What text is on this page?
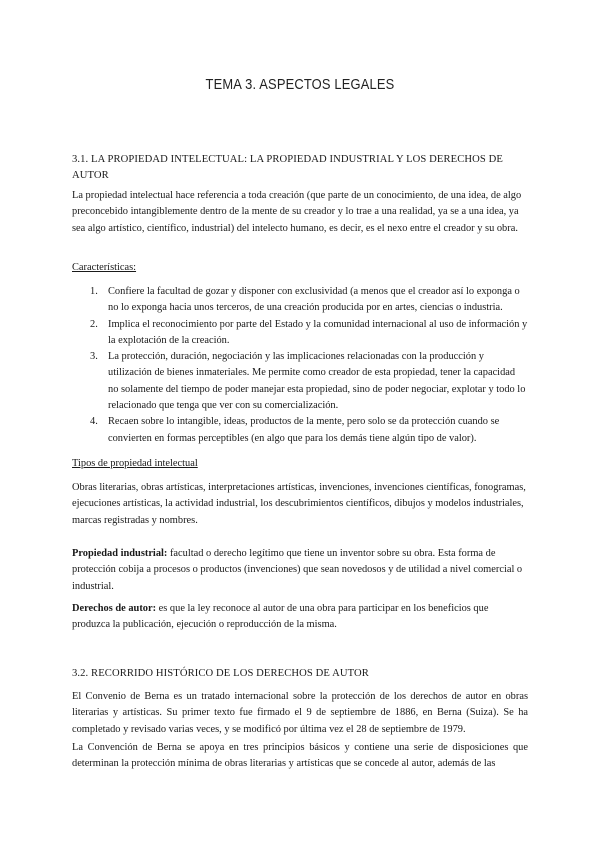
TEMA 3. ASPECTOS LEGALES
3.1. LA PROPIEDAD INTELECTUAL: LA PROPIEDAD INDUSTRIAL Y LOS DERECHOS DE AUTOR
La propiedad intelectual hace referencia a toda creación (que parte de un conocimiento, de una idea, de algo preconcebido intangiblemente dentro de la mente de su creador y lo trae a una realidad, ya se a una idea, ya sea algo artístico, científico, industrial) del intelecto humano, es decir, es el nexo entre el creador y su obra.
Características:
1. Confiere la facultad de gozar y disponer con exclusividad (a menos que el creador así lo exponga o no lo exponga hacia unos terceros, de una creación producida por en artes, ciencias o industria.
2. Implica el reconocimiento por parte del Estado y la comunidad internacional al uso de información y la explotación de la creación.
3. La protección, duración, negociación y las implicaciones relacionadas con la producción y utilización de bienes inmateriales. Me permite como creador de esta propiedad, tener la capacidad no solamente del tiempo de poder manejar esta propiedad, sino de poder negociar, explotar y todo lo relacionado que tenga que ver con su comercialización.
4. Recaen sobre lo intangible, ideas, productos de la mente, pero solo se da protección cuando se convierten en formas perceptibles (en algo que para los demás tiene algún tipo de valor).
Tipos de propiedad intelectual
Obras literarias, obras artísticas, interpretaciones artísticas, invenciones, invenciones científicas, fonogramas, ejecuciones artísticas, la actividad industrial, los descubrimientos científicos, dibujos y modelos industriales, marcas registradas y nombres.
Propiedad industrial: facultad o derecho legítimo que tiene un inventor sobre su obra. Esta forma de protección cobija a procesos o productos (invenciones) que sean novedosos y de utilidad a nivel comercial o industrial.
Derechos de autor: es que la ley reconoce al autor de una obra para participar en los beneficios que produzca la publicación, ejecución o reproducción de la misma.
3.2. RECORRIDO HISTÓRICO DE LOS DERECHOS DE AUTOR
El Convenio de Berna es un tratado internacional sobre la protección de los derechos de autor en obras literarias y artísticas. Su primer texto fue firmado el 9 de septiembre de 1886, en Berna (Suiza). Se ha completado y revisado varias veces, y se modificó por última vez el 28 de septiembre de 1979.
La Convención de Berna se apoya en tres principios básicos y contiene una serie de disposiciones que determinan la protección mínima de obras literarias y artísticas que se concede al autor, además de las
